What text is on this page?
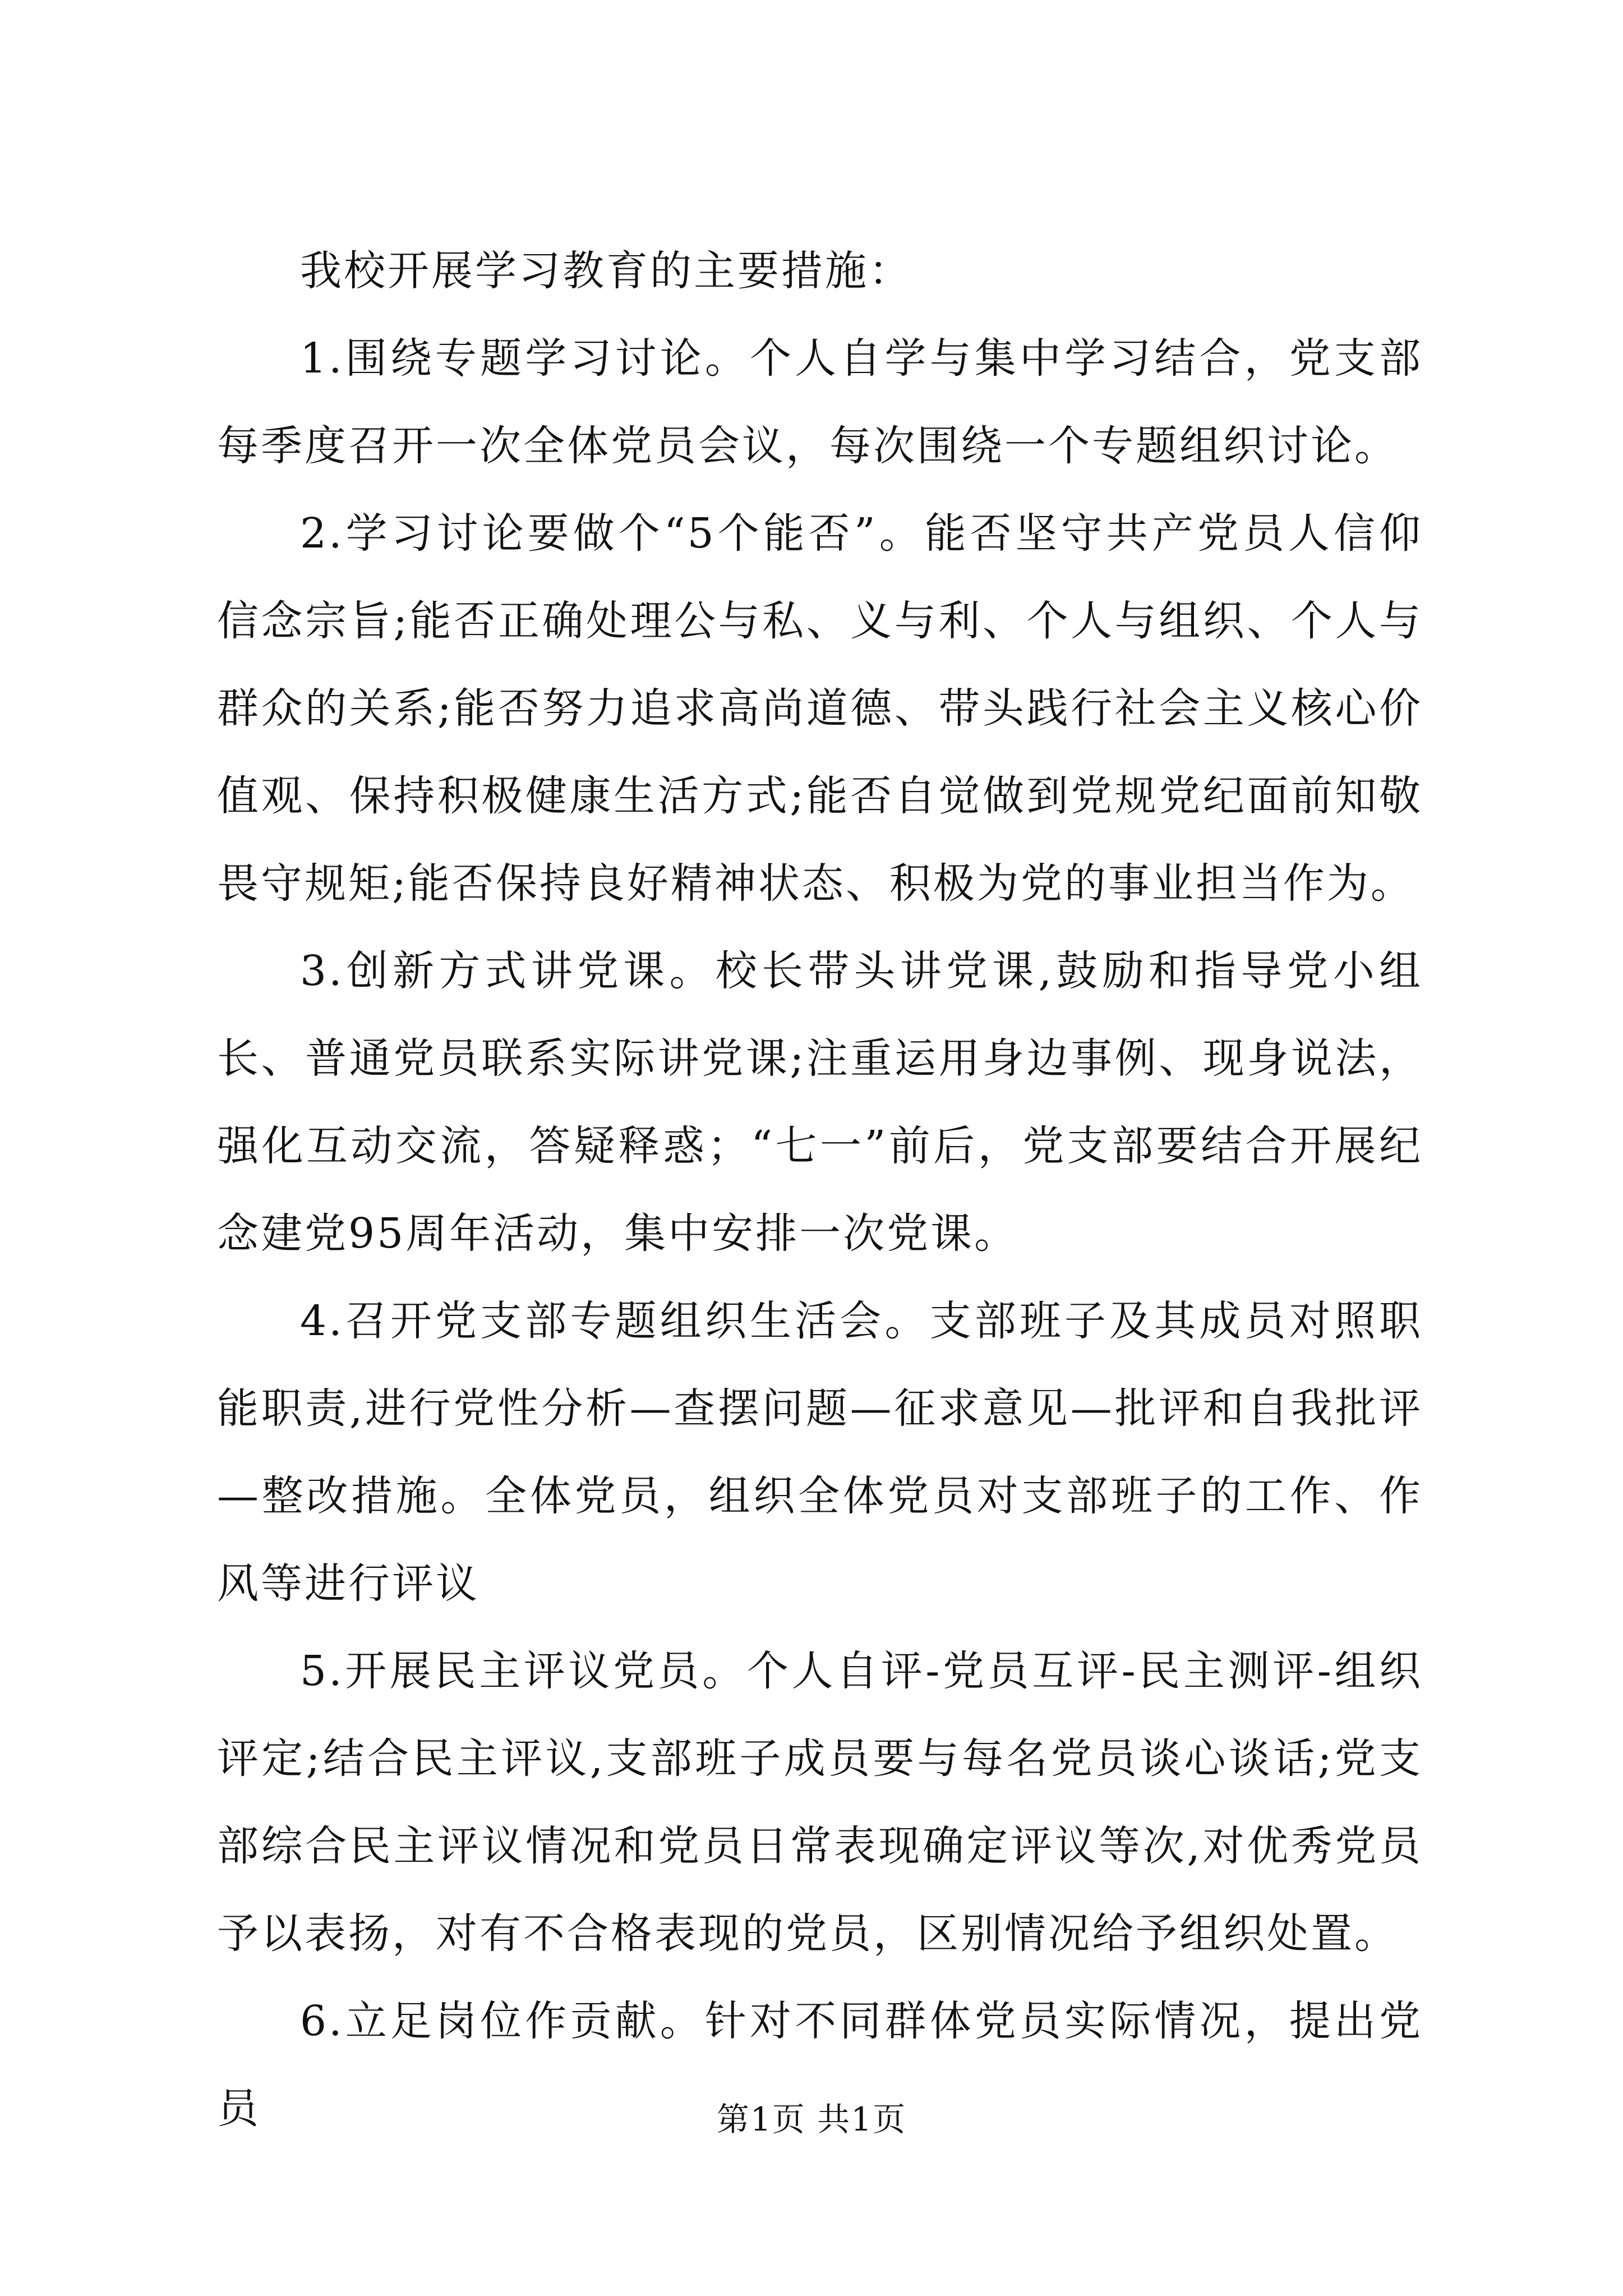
我校开展学习教育的主要措施：

1.围绕专题学习讨论。个人自学与集中学习结合，党支部每季度召开一次全体党员会议，每次围绕一个专题组织讨论。

2.学习讨论要做个“5个能否”。能否坚守共产党员人信仰信念宗旨;能否正确处理公与私、义与利、个人与组织、个人与群众的关系;能否努力追求高尚道德、带头践行社会主义核心价值观、保持积极健康生活方式;能否自觉做到党规党纪面前知敬畏守规矩;能否保持良好精神状态、积极为党的事业担当作为。

3.创新方式讲党课。校长带头讲党课,鼓励和指导党小组长、普通党员联系实际讲党课;注重运用身边事例、现身说法，强化互动交流，答疑释惑；“七一”前后，党支部要结合开展纪念建党95周年活动，集中安排一次党课。

4.召开党支部专题组织生活会。支部班子及其成员对照职能职责,进行党性分析—查摆问题—征求意见—批评和自我批评—整改措施。全体党员，组织全体党员对支部班子的工作、作风等进行评议

5.开展民主评议党员。个人自评-党员互评-民主测评-组织评定;结合民主评议,支部班子成员要与每名党员谈心谈话;党支部综合民主评议情况和党员日常表现确定评议等次,对优秀党员予以表扬，对有不合格表现的党员，区别情况给予组织处置。

6.立足岗位作贡献。针对不同群体党员实际情况，提出党员	第1页 共1页
